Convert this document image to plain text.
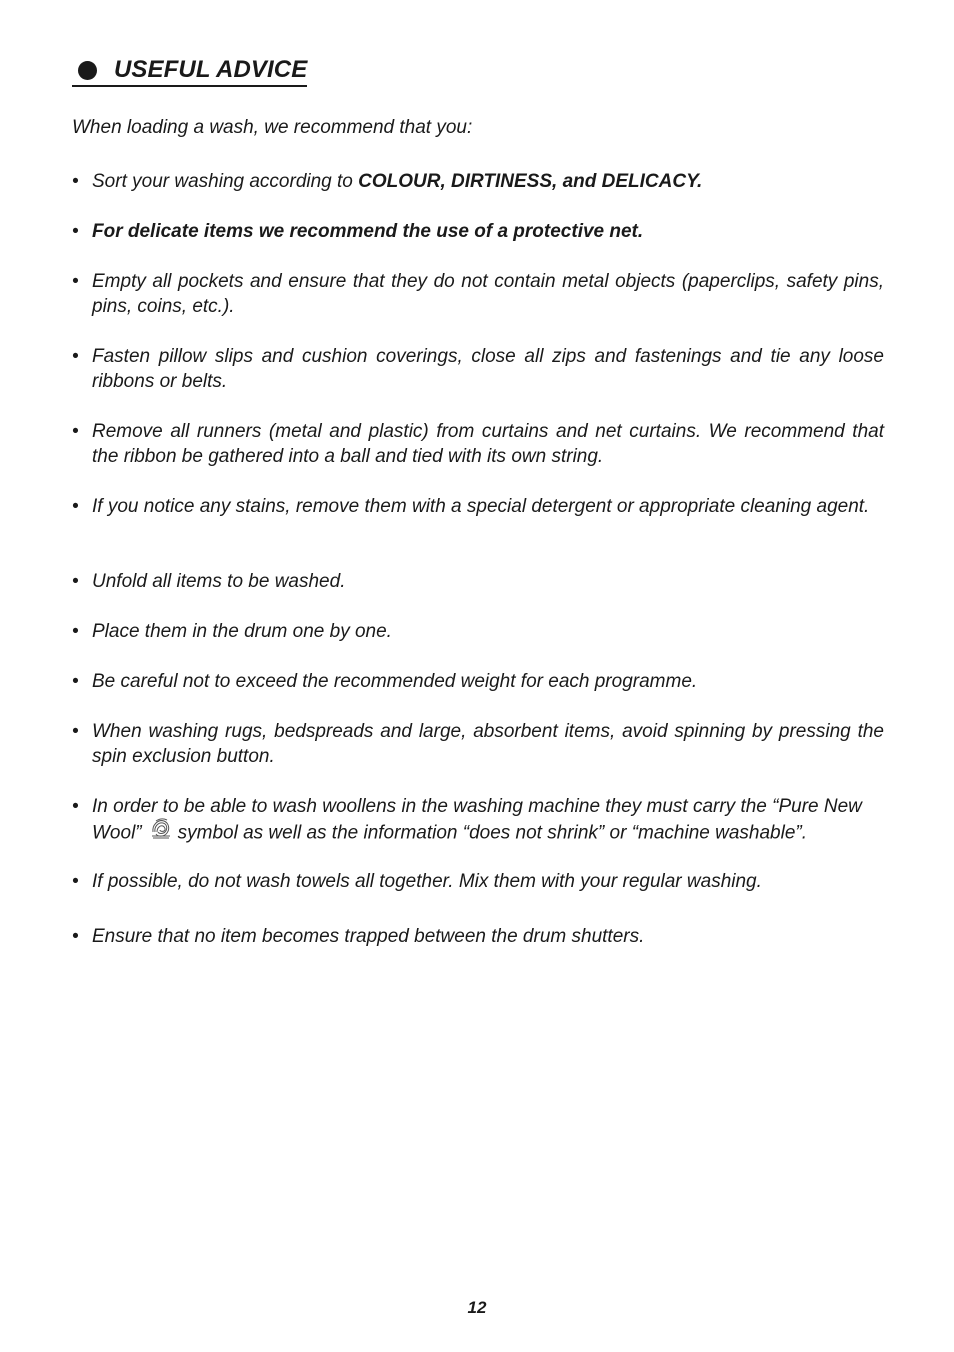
USEFUL ADVICE
When loading a wash, we recommend that you:
• Sort your washing according to COLOUR, DIRTINESS, and DELICACY.
• For delicate items we recommend the use of a protective net.
• Empty all pockets and ensure that they do not contain metal objects (paperclips, safety pins, pins, coins, etc.).
• Fasten pillow slips and cushion coverings, close all zips and fastenings and tie any loose ribbons or belts.
• Remove all runners (metal and plastic) from curtains and net curtains. We recommend that the ribbon be gathered into a ball and tied with its own string.
• If you notice any stains, remove them with a special detergent or appropriate cleaning agent.
• Unfold all items to be washed.
• Place them in the drum one by one.
• Be careful not to exceed the recommended weight for each programme.
• When washing rugs, bedspreads and large, absorbent items, avoid spinning by pressing the spin exclusion button.
• In order to be able to wash woollens in the washing machine they must carry the “Pure New Wool” symbol as well as the information “does not shrink” or “machine washable”.
• If possible, do not wash towels all together. Mix them with your regular washing.
• Ensure that no item becomes trapped between the drum shutters.
12
